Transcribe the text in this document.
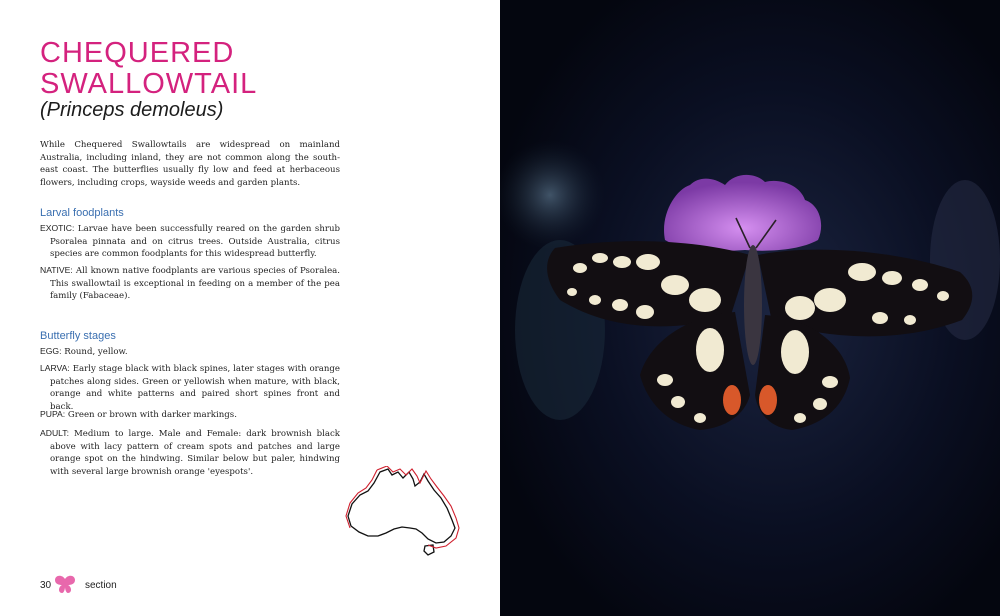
CHEQUERED
SWALLOWTAIL
(Princeps demoleus)
While Chequered Swallowtails are widespread on mainland Australia, including inland, they are not common along the south-east coast. The butterflies usually fly low and feed at herbaceous flowers, including crops, wayside weeds and garden plants.
Larval foodplants
EXOTIC: Larvae have been successfully reared on the garden shrub Psoralea pinnata and on citrus trees. Outside Australia, citrus species are common foodplants for this widespread butterfly.
NATIVE: All known native foodplants are various species of Psoralea. This swallowtail is exceptional in feeding on a member of the pea family (Fabaceae).
Butterfly stages
EGG: Round, yellow.
LARVA: Early stage black with black spines, later stages with orange patches along sides. Green or yellowish when mature, with black, orange and white patterns and paired short spines front and back.
PUPA: Green or brown with darker markings.
ADULT: Medium to large. Male and Female: dark brownish black above with lacy pattern of cream spots and patches and large orange spot on the hindwing. Similar below but paler, hindwing with several large brownish orange 'eyespots'.
30	section
